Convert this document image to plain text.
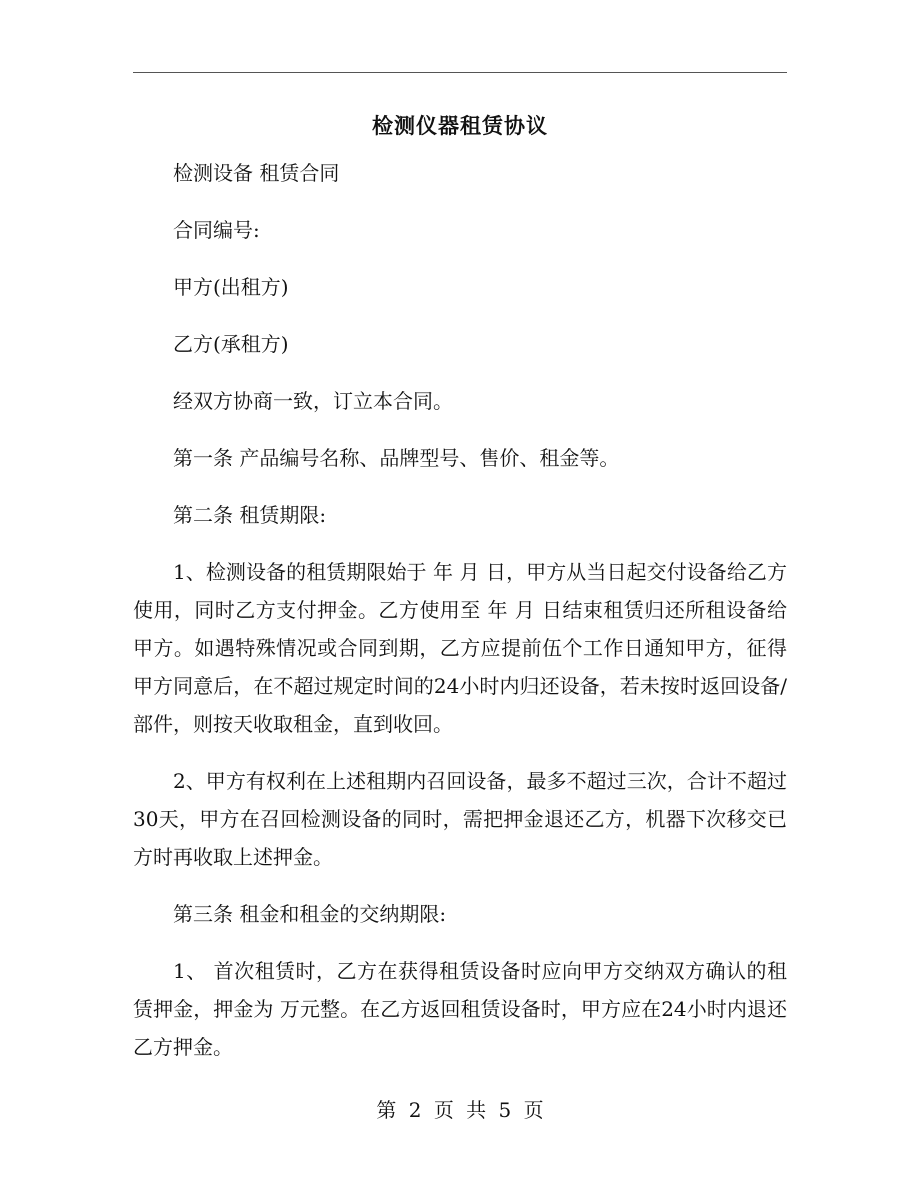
检测仪器租赁协议

检测设备 租赁合同

合同编号:

甲方(出租方)

乙方(承租方)

经双方协商一致，订立本合同。

第一条 产品编号名称、品牌型号、售价、租金等。

第二条 租赁期限:

1、检测设备的租赁期限始于 年 月 日，甲方从当日起交付设备给乙方使用，同时乙方支付押金。乙方使用至 年 月 日结束租赁归还所租设备给甲方。如遇特殊情况或合同到期，乙方应提前伍个工作日通知甲方，征得甲方同意后，在不超过规定时间的24小时内归还设备，若未按时返回设备/部件，则按天收取租金，直到收回。

2、甲方有权利在上述租期内召回设备，最多不超过三次，合计不超过30天，甲方在召回检测设备的同时，需把押金退还乙方，机器下次移交已方时再收取上述押金。

第三条 租金和租金的交纳期限:

1、 首次租赁时，乙方在获得租赁设备时应向甲方交纳双方确认的租赁押金，押金为 万元整。在乙方返回租赁设备时，甲方应在24小时内退还乙方押金。

第 2 页 共 5 页
